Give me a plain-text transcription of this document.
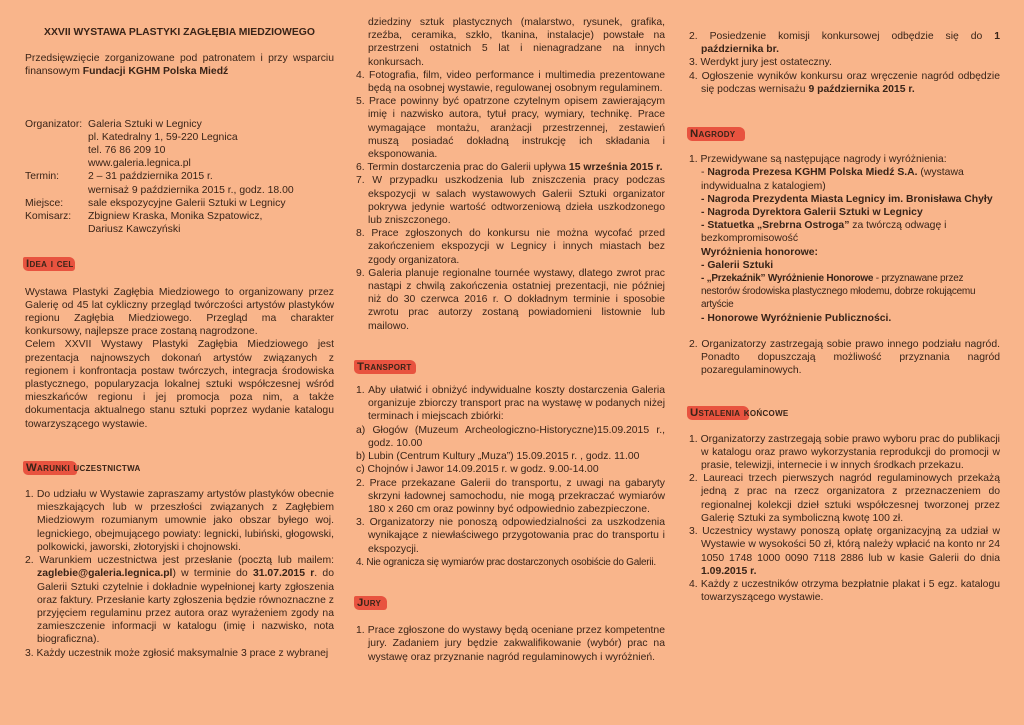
XXVII WYSTAWA PLASTYKI ZAGŁĘBIA MIEDZIOWEGO

Przedsięwzięcie zorganizowane pod patronatem i przy wsparciu finansowym Fundacji KGHM Polska Miedź

Organizator: Galeria Sztuki w Legnicy
pl. Katedralny 1, 59-220 Legnica
tel. 76 86 209 10
www.galeria.legnica.pl
Termin:	2 – 31 października 2015 r.
wernisaż 9 października 2015 r., godz. 18.00
Miejsce:	sale ekspozycyjne Galerii Sztuki w Legnicy
Komisarz:	Zbigniew Kraska, Monika Szpatowicz,
Dariusz Kawczyński
Idea i cel

Wystawa Plastyki Zagłębia Miedziowego to organizowany przez Galerię od 45 lat cykliczny przegląd twórczości artystów plastyków regionu Zagłębia Miedziowego. Przegląd ma charakter konkursowy, najlepsze prace zostaną nagrodzone.

Celem XXVII Wystawy Plastyki Zagłębia Miedziowego jest prezentacja najnowszych dokonań artystów związanych z regionem i konfrontacja postaw twórczych, integracja środowiska plastycznego, popularyzacja lokalnej sztuki współczesnej wśród mieszkańców regionu i jej promocja poza nim, a także dokumentacja aktualnego stanu sztuki poprzez wydanie katalogu towarzyszącego wystawie.

Warunki uczestnictwa

1. Do udziału w Wystawie zapraszamy artystów plastyków obecnie mieszkających lub w przeszłości związanych z Zagłębiem Miedziowym rozumianym umownie jako obszar byłego woj. legnickiego, obejmującego powiaty: legnicki, lubiński, głogowski, polkowicki, jaworski, złotoryjski i chojnowski.

2. Warunkiem uczestnictwa jest przesłanie (pocztą lub mailem: zaglebie@galeria.legnica.pl) w terminie do 31.07.2015 r. do Galerii Sztuki czytelnie i dokładnie wypełnionej karty zgłoszenia oraz faktury. Przesłanie karty zgłoszenia będzie równoznaczne z przyjęciem regulaminu przez autora oraz wyrażeniem zgody na zamieszczenie informacji w katalogu (imię i nazwisko, nota biograficzna).

3. Każdy uczestnik może zgłosić maksymalnie 3 prace z wybranej

dziedziny sztuk plastycznych (malarstwo, rysunek, grafika, rzeźba, ceramika, szkło, tkanina, instalacje) powstałe na przestrzeni ostatnich 5 lat i nienagradzane na innych konkursach.

4. Fotografia, film, video performance i multimedia prezentowane będą na osobnej wystawie, regulowanej osobnym regulaminem.

5. Prace powinny być opatrzone czytelnym opisem zawierającym imię i nazwisko autora, tytuł pracy, wymiary, technikę. Prace wymagające montażu, aranżacji przestrzennej, zestawień muszą posiadać dokładną instrukcję ich składania i eksponowania.

6. Termin dostarczenia prac do Galerii upływa 15 września 2015 r.

7. W przypadku uszkodzenia lub zniszczenia pracy podczas ekspozycji w salach wystawowych Galerii Sztuki organizator pokrywa jedynie wartość odtworzeniową dzieła uszkodzonego lub zniszczonego.

8. Prace zgłoszonych do konkursu nie można wycofać przed zakończeniem ekspozycji w Legnicy i innych miastach bez zgody organizatora.

9. Galeria planuje regionalne tournée wystawy, dlatego zwrot prac nastąpi z chwilą zakończenia ostatniej prezentacji, nie później niż do 30 czerwca 2016 r. O dokładnym terminie i sposobie zwrotu prac autorzy zostaną powiadomieni listownie lub mailowo.

Transport

1. Aby ułatwić i obniżyć indywidualne koszty dostarczenia Galeria organizuje zbiorczy transport prac na wystawę w podanych niżej terminach i miejscach zbiórki:

a) Głogów (Muzeum Archeologiczno-Historyczne)15.09.2015 r., godz. 10.00

b) Lubin (Centrum Kultury „Muza”) 15.09.2015 r. , godz. 11.00

c) Chojnów i Jawor 14.09.2015 r. w godz. 9.00-14.00

2. Prace przekazane Galerii do transportu, z uwagi na gabaryty skrzyni ładownej samochodu, nie mogą przekraczać wymiarów 180 x 260 cm oraz powinny być odpowiednio zabezpieczone.

3. Organizatorzy nie ponoszą odpowiedzialności za uszkodzenia wynikające z niewłaściwego przygotowania prac do transportu i ekspozycji.

4. Nie ogranicza się wymiarów prac dostarczonych osobiście do Galerii.

Jury

1. Prace zgłoszone do wystawy będą oceniane przez kompetentne jury. Zadaniem jury będzie zakwalifikowanie (wybór) prac na wystawę oraz przyznanie nagród regulaminowych i wyróżnień.

2. Posiedzenie komisji konkursowej odbędzie się do 1 października br.

3. Werdykt jury jest ostateczny.

4. Ogłoszenie wyników konkursu oraz wręczenie nagród odbędzie się podczas wernisażu 9 października 2015 r.

Nagrody

1. Przewidywane są następujące nagrody i wyróżnienia:

- Nagroda Prezesa KGHM Polska Miedź S.A. (wystawa indywidualna z katalogiem)

- Nagroda Prezydenta Miasta Legnicy im. Bronisława Chyły

- Nagroda Dyrektora Galerii Sztuki w Legnicy

- Statuetka „Srebrna Ostroga” za twórczą odwagę i bezkompromisowość

Wyróżnienia honorowe:

- Galerii Sztuki

- „Przekaźnik” Wyróżnienie Honorowe - przyznawane przez nestorów środowiska plastycznego młodemu, dobrze rokującemu artyście

- Honorowe Wyróżnienie Publiczności.

2. Organizatorzy zastrzegają sobie prawo innego podziału nagród. Ponadto dopuszczają możliwość przyznania nagród pozaregulaminowych.

Ustalenia końcowe

1. Organizatorzy zastrzegają sobie prawo wyboru prac do publikacji w katalogu oraz prawo wykorzystania reprodukcji do promocji w prasie, telewizji, internecie i w innych środkach przekazu.

2. Laureaci trzech pierwszych nagród regulaminowych przekażą jedną z prac na rzecz organizatora z przeznaczeniem do regionalnej kolekcji dzieł sztuki współczesnej tworzonej przez Galerię Sztuki za symboliczną kwotę 100 zł.

3. Uczestnicy wystawy ponoszą opłatę organizacyjną za udział w Wystawie w wysokości 50 zł, którą należy wpłacić na konto nr 24 1050 1748 1000 0090 7118 2886 lub w kasie Galerii do dnia 1.09.2015 r.

4. Każdy z uczestników otrzyma bezpłatnie plakat i 5 egz. katalogu towarzyszącego wystawie.
